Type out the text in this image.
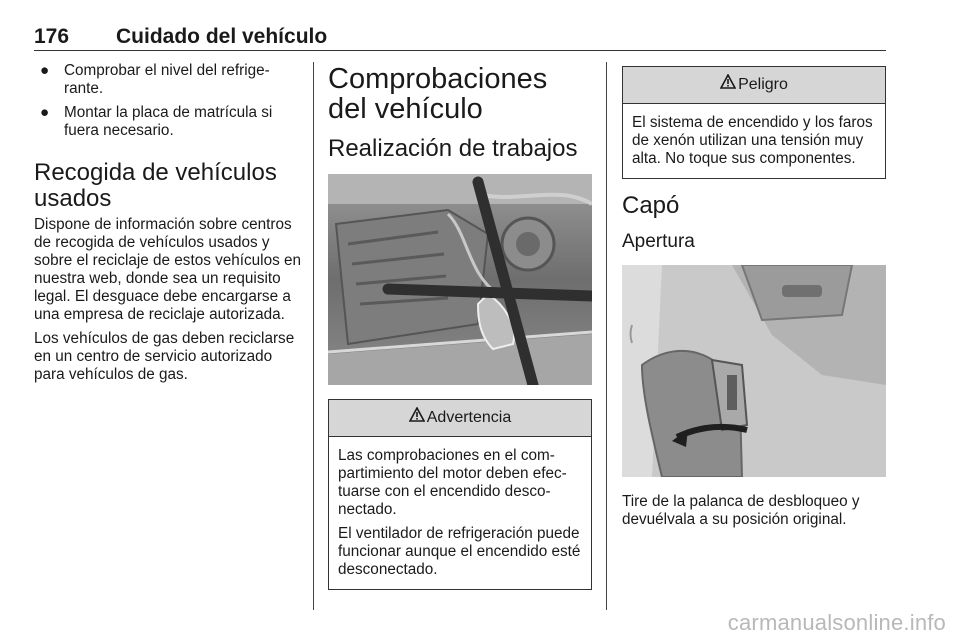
176 Cuidado del vehículo
● Comprobar el nivel del refrigerante.
● Montar la placa de matrícula si fuera necesario.
Recogida de vehículos usados

Dispone de información sobre centros de recogida de vehículos usados y sobre el reciclaje de estos vehículos en nuestra web, donde sea un requisito legal. El desguace debe encargarse a una empresa de reciclaje autorizada.

Los vehículos de gas deben reciclarse en un centro de servicio autorizado para vehículos de gas.

Comprobaciones del vehículo
Realización de trabajos
Advertencia

Las comprobaciones en el compartimiento del motor deben efectuarse con el encendido desconectado.

El ventilador de refrigeración puede funcionar aunque el encendido esté desconectado.

Peligro

El sistema de encendido y los faros de xenón utilizan una tensión muy alta. No toque sus componentes.

Capó
Apertura

Tire de la palanca de desbloqueo y devuélvala a su posición original.

carmanualsonline.info
